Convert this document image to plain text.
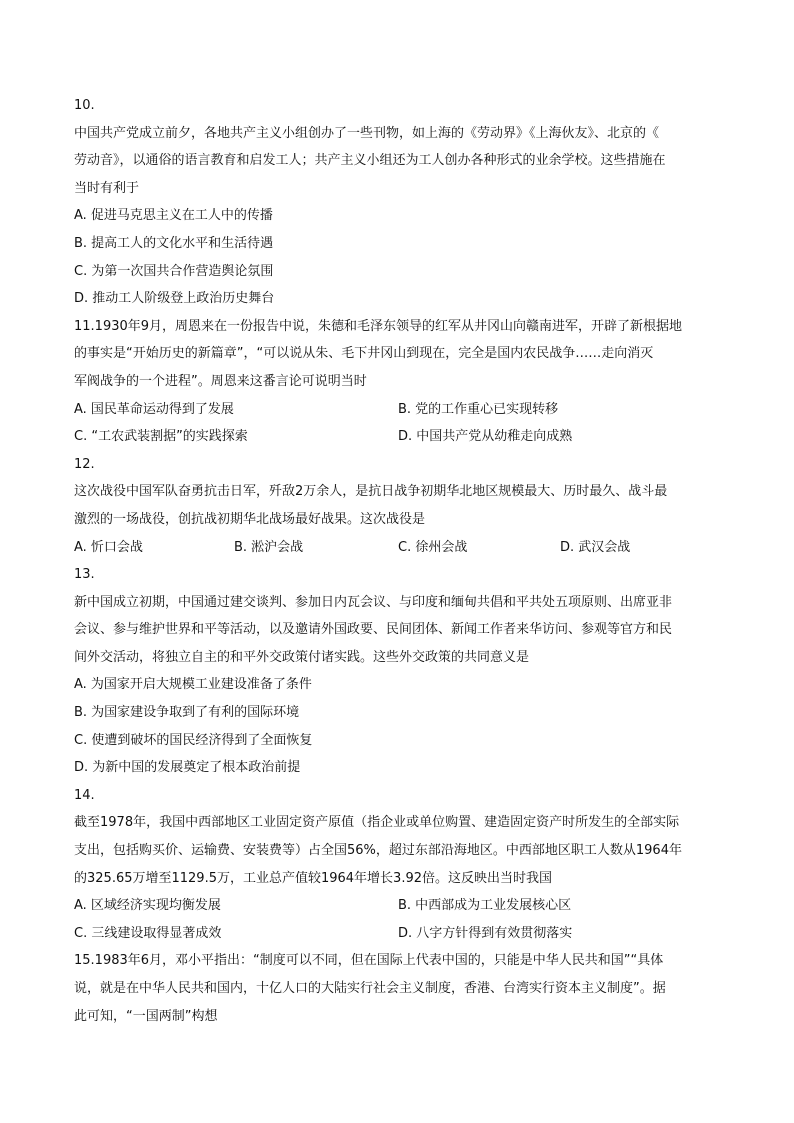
10.
中国共产党成立前夕，各地共产主义小组创办了一些刊物，如上海的《劳动界》《上海伙友》、北京的《
劳动音》，以通俗的语言教育和启发工人；共产主义小组还为工人创办各种形式的业余学校。这些措施在
当时有利于
A. 促进马克思主义在工人中的传播
B. 提高工人的文化水平和生活待遇
C. 为第一次国共合作营造舆论氛围
D. 推动工人阶级登上政治历史舞台
11.1930年9月，周恩来在一份报告中说，朱德和毛泽东领导的红军从井冈山向赣南进军，开辟了新根据地
的事实是“开始历史的新篇章”，“可以说从朱、毛下井冈山到现在，完全是国内农民战争……走向消灭
军阀战争的一个进程”。周恩来这番言论可说明当时
A. 国民革命运动得到了发展	B. 党的工作重心已实现转移
C. “工农武装割据”的实践探索	D. 中国共产党从幼稚走向成熟
12.
这次战役中国军队奋勇抗击日军，歼敌2万余人，是抗日战争初期华北地区规模最大、历时最久、战斗最
激烈的一场战役，创抗战初期华北战场最好战果。这次战役是
A. 忻口会战	B. 淞沪会战	C. 徐州会战	D. 武汉会战
13.
新中国成立初期，中国通过建交谈判、参加日内瓦会议、与印度和缅甸共倡和平共处五项原则、出席亚非
会议、参与维护世界和平等活动，以及邀请外国政要、民间团体、新闻工作者来华访问、参观等官方和民
间外交活动，将独立自主的和平外交政策付诸实践。这些外交政策的共同意义是
A. 为国家开启大规模工业建设准备了条件
B. 为国家建设争取到了有利的国际环境
C. 使遭到破坏的国民经济得到了全面恢复
D. 为新中国的发展奠定了根本政治前提
14.
截至1978年，我国中西部地区工业固定资产原值（指企业或单位购置、建造固定资产时所发生的全部实际
支出，包括购买价、运输费、安装费等）占全国56%，超过东部沿海地区。中西部地区职工人数从1964年
的325.65万增至1129.5万，工业总产值较1964年增长3.92倍。这反映出当时我国
A. 区域经济实现均衡发展	B. 中西部成为工业发展核心区
C. 三线建设取得显著成效	D. 八字方针得到有效贯彻落实
15.1983年6月，邓小平指出：“制度可以不同，但在国际上代表中国的，只能是中华人民共和国”“具体
说，就是在中华人民共和国内，十亿人口的大陆实行社会主义制度，香港、台湾实行资本主义制度”。据
此可知，“一国两制”构想
